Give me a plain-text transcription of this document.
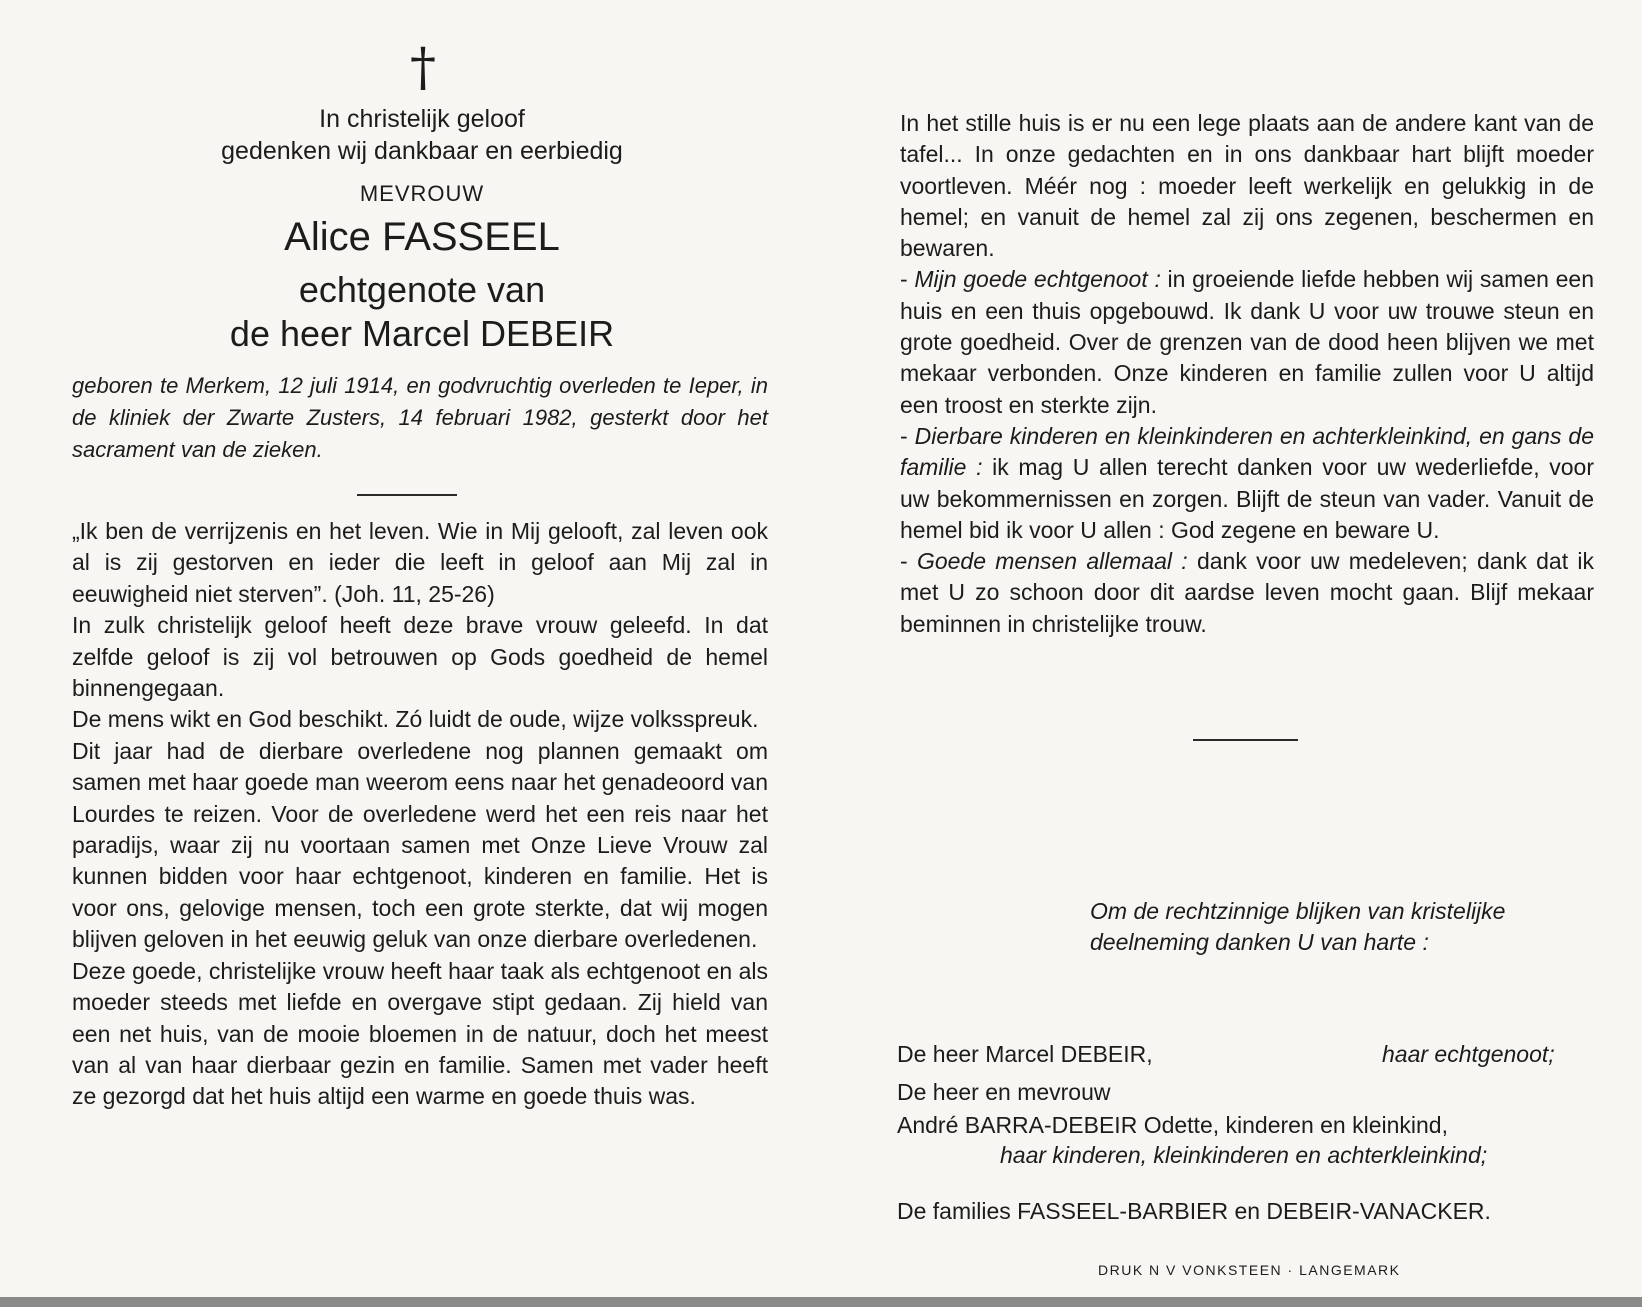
†
In christelijk geloof
gedenken wij dankbaar en eerbiedig
MEVROUW
Alice FASSEEL
echtgenote van
de heer Marcel DEBEIR
geboren te Merkem, 12 juli 1914, en godvruchtig overleden te Ieper, in de kliniek der Zwarte Zusters, 14 februari 1982, gesterkt door het sacrament van de zieken.

„Ik ben de verrijzenis en het leven. Wie in Mij gelooft, zal leven ook al is zij gestorven en ieder die leeft in geloof aan Mij zal in eeuwigheid niet sterven”. (Joh. 11, 25-26)

In zulk christelijk geloof heeft deze brave vrouw geleefd. In dat zelfde geloof is zij vol betrouwen op Gods goedheid de hemel binnengegaan.

De mens wikt en God beschikt. Zó luidt de oude, wijze volksspreuk.

Dit jaar had de dierbare overledene nog plannen gemaakt om samen met haar goede man weerom eens naar het genadeoord van Lourdes te reizen. Voor de overledene werd het een reis naar het paradijs, waar zij nu voortaan samen met Onze Lieve Vrouw zal kunnen bidden voor haar echtgenoot, kinderen en familie. Het is voor ons, gelovige mensen, toch een grote sterkte, dat wij mogen blijven geloven in het eeuwig geluk van onze dierbare overledenen.

Deze goede, christelijke vrouw heeft haar taak als echtgenoot en als moeder steeds met liefde en overgave stipt gedaan. Zij hield van een net huis, van de mooie bloemen in de natuur, doch het meest van al van haar dierbaar gezin en familie. Samen met vader heeft ze gezorgd dat het huis altijd een warme en goede thuis was.

In het stille huis is er nu een lege plaats aan de andere kant van de tafel... In onze gedachten en in ons dankbaar hart blijft moeder voortleven. Méér nog : moeder leeft werkelijk en gelukkig in de hemel; en vanuit de hemel zal zij ons zegenen, beschermen en bewaren.

- Mijn goede echtgenoot : in groeiende liefde hebben wij samen een huis en een thuis opgebouwd. Ik dank U voor uw trouwe steun en grote goedheid. Over de grenzen van de dood heen blijven we met mekaar verbonden. Onze kinderen en familie zullen voor U altijd een troost en sterkte zijn.

- Dierbare kinderen en kleinkinderen en achterkleinkind, en gans de familie : ik mag U allen terecht danken voor uw wederliefde, voor uw bekommernissen en zorgen. Blijft de steun van vader. Vanuit de hemel bid ik voor U allen : God zegene en beware U.

- Goede mensen allemaal : dank voor uw medeleven; dank dat ik met U zo schoon door dit aardse leven mocht gaan. Blijf mekaar beminnen in christelijke trouw.

Om de rechtzinnige blijken van kristelijke
deelneming danken U van harte :
De heer Marcel DEBEIR,	haar echtgenoot;
De heer en mevrouw
André BARRA-DEBEIR Odette, kinderen en kleinkind,
haar kinderen, kleinkinderen en achterkleinkind;
De families FASSEEL-BARBIER en DEBEIR-VANACKER.
DRUK N V VONKSTEEN · LANGEMARK
